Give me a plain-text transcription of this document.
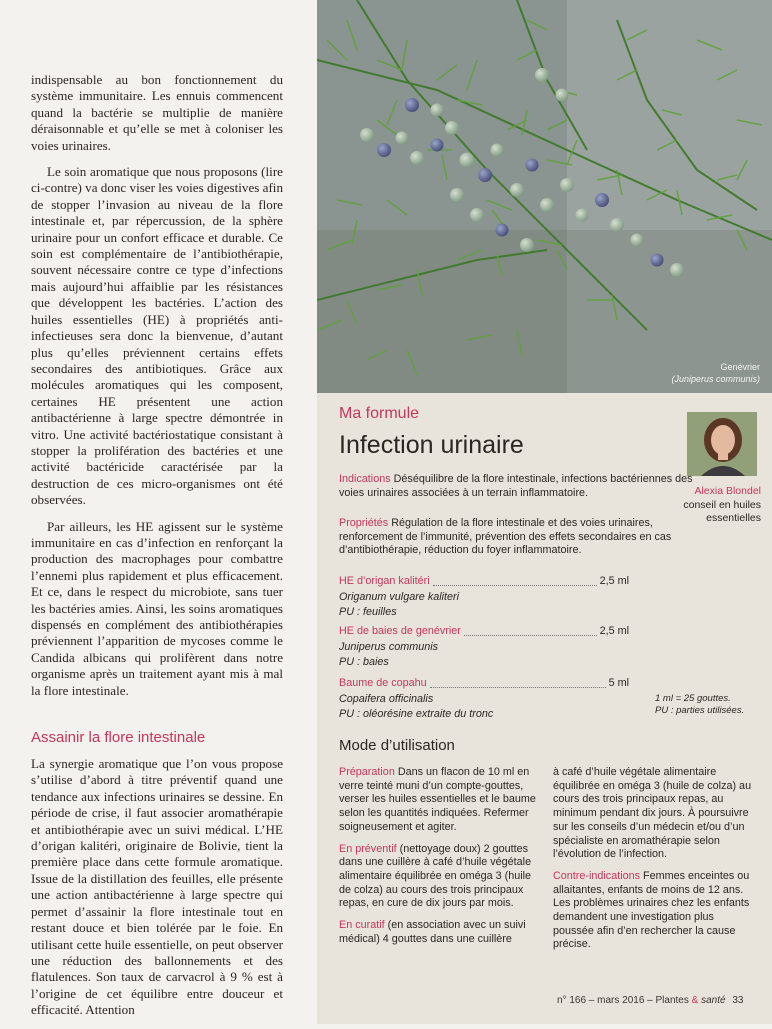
indispensable au bon fonctionnement du système immunitaire. Les ennuis commencent quand la bactérie se multiplie de manière déraisonnable et qu’elle se met à coloniser les voies urinaires.

Le soin aromatique que nous proposons (lire ci-contre) va donc viser les voies digestives afin de stopper l’invasion au niveau de la flore intestinale et, par répercussion, de la sphère urinaire pour un confort efficace et durable. Ce soin est complémentaire de l’antibiothérapie, souvent nécessaire contre ce type d’infections mais aujourd’hui affaiblie par les résistances que développent les bactéries. L’action des huiles essentielles (HE) à propriétés anti-infectieuses sera donc la bienvenue, d’autant plus qu’elles préviennent certains effets secondaires des antibiotiques. Grâce aux molécules aromatiques qui les composent, certaines HE présentent une action antibactérienne à large spectre démontrée in vitro. Une activité bactériostatique consistant à stopper la prolifération des bactéries et une activité bactéricide caractérisée par la destruction de ces micro-organismes ont été observées.

Par ailleurs, les HE agissent sur le système immunitaire en cas d’infection en renforçant la production des macrophages pour combattre l’ennemi plus rapidement et plus efficacement. Et ce, dans le respect du microbiote, sans tuer les bactéries amies. Ainsi, les soins aromatiques dispensés en complément des antibiothérapies préviennent l’apparition de mycoses comme le Candida albicans qui prolifèrent dans notre organisme après un traitement ayant mis à mal la flore intestinale.

Assainir la flore intestinale

La synergie aromatique que l’on vous propose s’utilise d’abord à titre préventif quand une tendance aux infections urinaires se dessine. En période de crise, il faut associer aromathérapie et antibiothérapie avec un suivi médical. L’HE d’origan kalitéri, originaire de Bolivie, tient la première place dans cette formule aromatique. Issue de la distillation des feuilles, elle présente une action antibactérienne à large spectre qui permet d’assainir la flore intestinale tout en restant douce et bien tolérée par le foie. En utilisant cette huile essentielle, on peut observer une réduction des ballonnements et des flatulences. Son taux de carvacrol à 9 % est à l’origine de cet équilibre entre douceur et efficacité. Attention

Genévrier
(Juniperus communis)
Ma formule
Infection urinaire
Alexia Blondel
conseil en huiles essentielles
Indications Déséquilibre de la flore intestinale, infections bactériennes des voies urinaires associées à un terrain inflammatoire.
Propriétés Régulation de la flore intestinale et des voies urinaires, renforcement de l’immunité, prévention des effets secondaires en cas d’antibiothérapie, réduction du foyer inflammatoire.
HE d’origan kalitéri	2,5 ml
Origanum vulgare kaliteri
PU : feuilles
HE de baies de genévrier	2,5 ml
Juniperus communis
PU : baies
Baume de copahu	5 ml
Copaifera officinalis
PU : oléorésine extraite du tronc
1 ml = 25 gouttes.
PU : parties utilisées.
Mode d’utilisation

Préparation Dans un flacon de 10 ml en verre teinté muni d’un compte-gouttes, verser les huiles essentielles et le baume selon les quantités indiquées. Refermer soigneusement et agiter.

En préventif (nettoyage doux) 2 gouttes dans une cuillère à café d’huile végétale alimentaire équilibrée en oméga 3 (huile de colza) au cours des trois principaux repas, en cure de dix jours par mois.

En curatif (en association avec un suivi médical) 4 gouttes dans une cuillère

à café d’huile végétale alimentaire équilibrée en oméga 3 (huile de colza) au cours des trois principaux repas, au minimum pendant dix jours. À poursuivre sur les conseils d’un médecin et/ou d’un spécialiste en aromathérapie selon l’évolution de l’infection.

Contre-indications Femmes enceintes ou allaitantes, enfants de moins de 12 ans. Les problèmes urinaires chez les enfants demandent une investigation plus poussée afin d’en rechercher la cause précise.

n° 166 – mars 2016 – Plantes & santé 33
